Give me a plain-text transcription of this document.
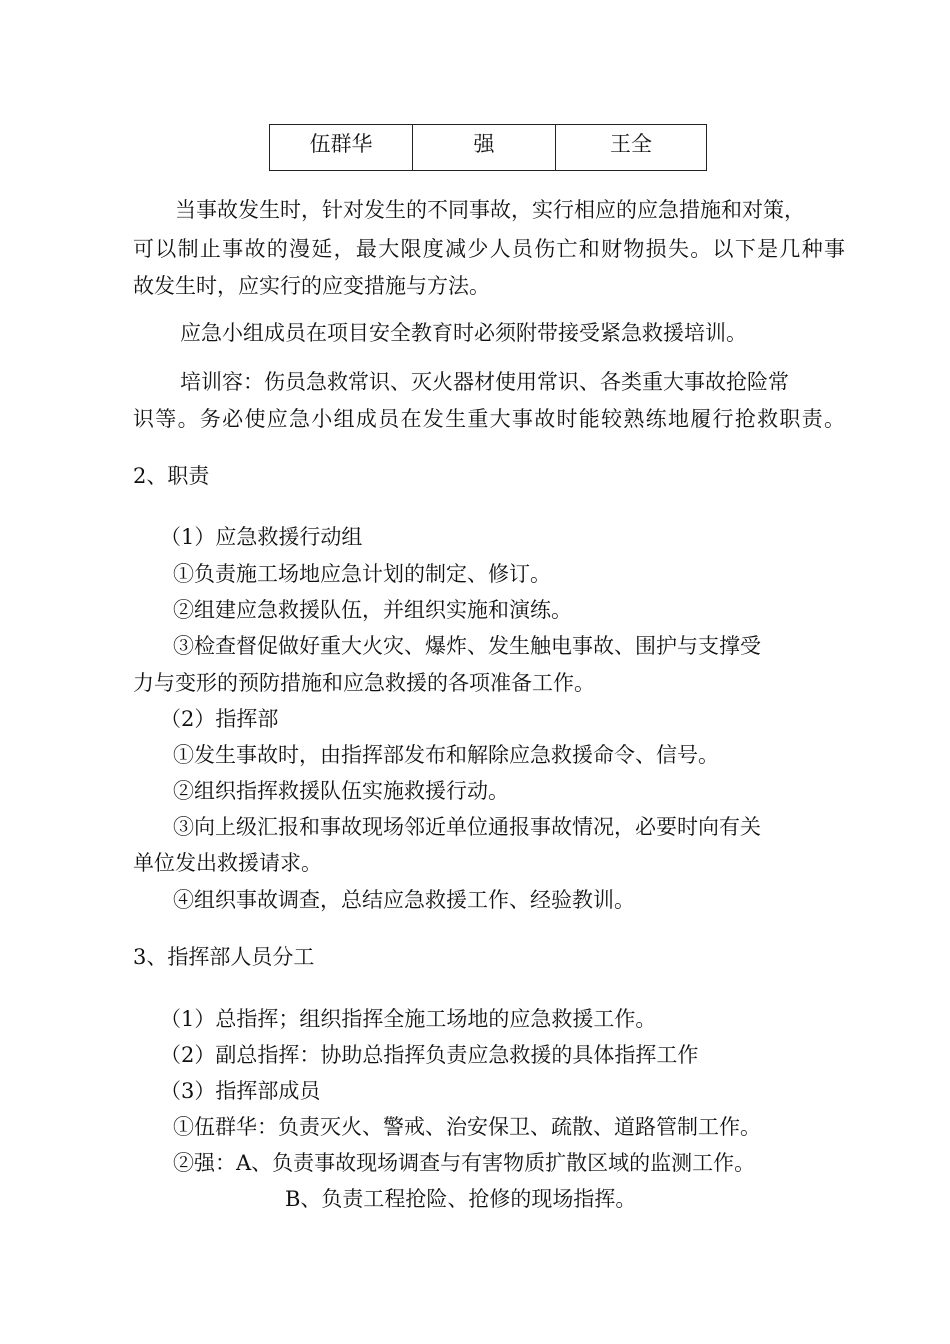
伍群华	强	王全
当事故发生时，针对发生的不同事故，实行相应的应急措施和对策，
可以制止事故的漫延，最大限度减少人员伤亡和财物损失。以下是几种事
故发生时，应实行的应变措施与方法。
应急小组成员在项目安全教育时必须附带接受紧急救援培训。
培训容：伤员急救常识、灭火器材使用常识、各类重大事故抢险常
识等。务必使应急小组成员在发生重大事故时能较熟练地履行抢救职责。
2、职责
（1）应急救援行动组
①负责施工场地应急计划的制定、修订。
②组建应急救援队伍，并组织实施和演练。
③检查督促做好重大火灾、爆炸、发生触电事故、围护与支撑受
力与变形的预防措施和应急救援的各项准备工作。
（2）指挥部
①发生事故时，由指挥部发布和解除应急救援命令、信号。
②组织指挥救援队伍实施救援行动。
③向上级汇报和事故现场邻近单位通报事故情况，必要时向有关
单位发出救援请求。
④组织事故调查，总结应急救援工作、经验教训。
3、指挥部人员分工
（1）总指挥；组织指挥全施工场地的应急救援工作。
（2）副总指挥：协助总指挥负责应急救援的具体指挥工作
（3）指挥部成员
①伍群华：负责灭火、警戒、治安保卫、疏散、道路管制工作。
②强：A、负责事故现场调查与有害物质扩散区域的监测工作。
B、负责工程抢险、抢修的现场指挥。
